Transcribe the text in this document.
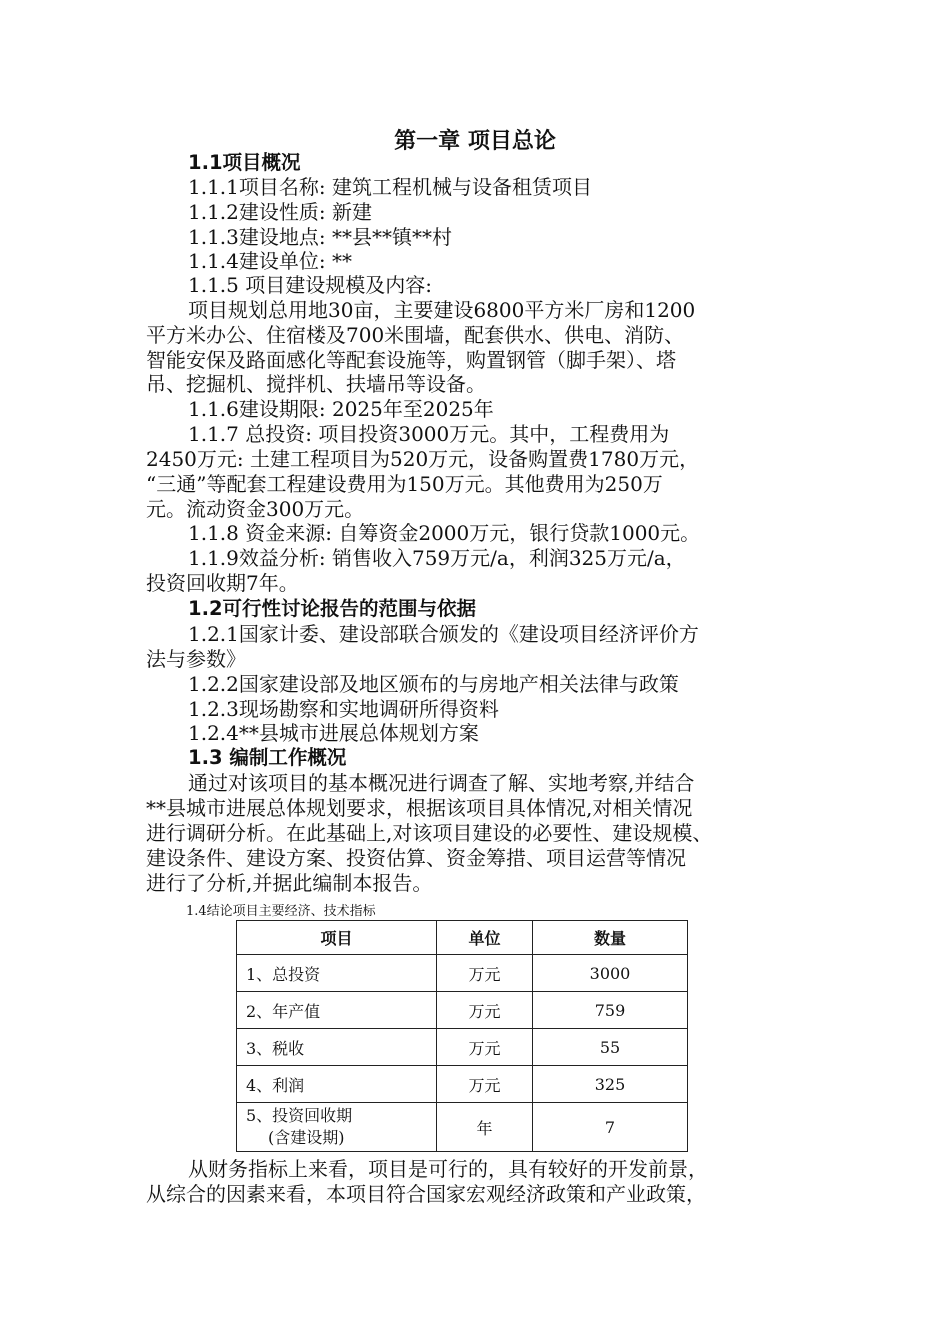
第一章 项目总论
1.1项目概况
1.1.1项目名称: 建筑工程机械与设备租赁项目
1.1.2建设性质: 新建
1.1.3建设地点: **县**镇**村
1.1.4建设单位: **
1.1.5 项目建设规模及内容:
项目规划总用地30亩，主要建设6800平方米厂房和1200
平方米办公、住宿楼及700米围墙，配套供水、供电、消防、
智能安保及路面感化等配套设施等，购置钢管（脚手架）、塔
吊、挖掘机、搅拌机、扶墙吊等设备。
1.1.6建设期限: 2025年至2025年
1.1.7 总投资: 项目投资3000万元。其中，工程费用为
2450万元: 土建工程项目为520万元，设备购置费1780万元，
“三通”等配套工程建设费用为150万元。其他费用为250万
元。流动资金300万元。
1.1.8 资金来源: 自筹资金2000万元，银行贷款1000元。
1.1.9效益分析: 销售收入759万元/a，利润325万元/a，
投资回收期7年。
1.2可行性讨论报告的范围与依据
1.2.1国家计委、建设部联合颁发的《建设项目经济评价方
法与参数》
1.2.2国家建设部及地区颁布的与房地产相关法律与政策
1.2.3现场勘察和实地调研所得资料
1.2.4**县城市进展总体规划方案
1.3 编制工作概况
通过对该项目的基本概况进行调查了解、实地考察,并结合
**县城市进展总体规划要求，根据该项目具体情况,对相关情况
进行调研分析。在此基础上,对该项目建设的必要性、建设规模、
建设条件、建设方案、投资估算、资金筹措、项目运营等情况
进行了分析,并据此编制本报告。
1.4结论项目主要经济、技术指标
项目	单位	数量
1、总投资	万元	3000
2、年产值	万元	759
3、税收	万元	55
4、利润	万元	325

5、投资回收期
(含建设期)	年	7
从财务指标上来看，项目是可行的，具有较好的开发前景，
从综合的因素来看，本项目符合国家宏观经济政策和产业政策，
